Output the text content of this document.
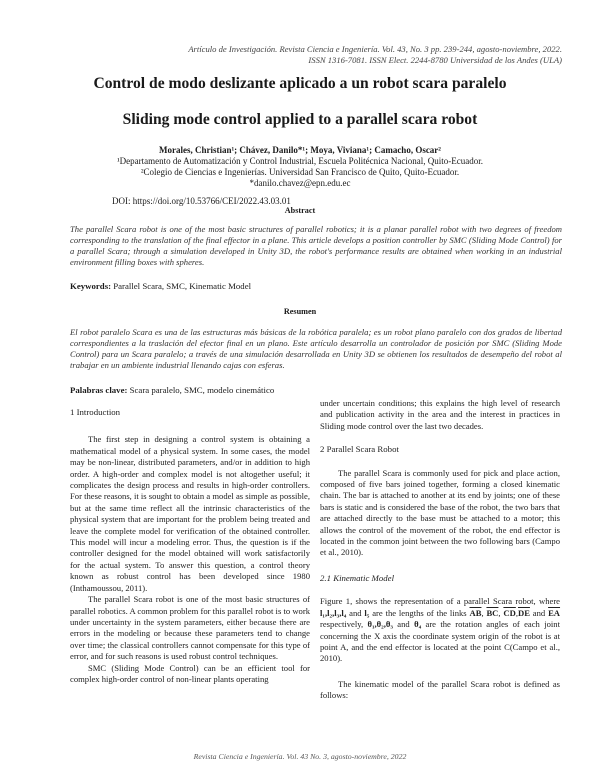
Artículo de Investigación. Revista Ciencia e Ingeniería. Vol. 43, No. 3 pp. 239-244, agosto-noviembre, 2022.
ISSN 1316-7081. ISSN Elect. 2244-8780 Universidad de los Andes (ULA)
Control de modo deslizante aplicado a un robot scara paralelo
Sliding mode control applied to a parallel scara robot
Morales, Christian¹; Chávez, Danilo*¹; Moya, Viviana¹; Camacho, Oscar²
¹Departamento de Automatización y Control Industrial, Escuela Politécnica Nacional, Quito-Ecuador.
²Colegio de Ciencias e Ingenierías. Universidad San Francisco de Quito, Quito-Ecuador.
*danilo.chavez@epn.edu.ec
DOI: https://doi.org/10.53766/CEI/2022.43.03.01
Abstract
The parallel Scara robot is one of the most basic structures of parallel robotics; it is a planar parallel robot with two degrees of freedom corresponding to the translation of the final effector in a plane. This article develops a position controller by SMC (Sliding Mode Control) for a parallel Scara; through a simulation developed in Unity 3D, the robot's performance results are obtained when working in an industrial environment filling boxes with spheres.
Keywords: Parallel Scara, SMC, Kinematic Model
Resumen
El robot paralelo Scara es una de las estructuras más básicas de la robótica paralela; es un robot plano paralelo con dos grados de libertad correspondientes a la traslación del efector final en un plano. Este artículo desarrolla un controlador de posición por SMC (Sliding Mode Control) para un Scara paralelo; a través de una simulación desarrollada en Unity 3D se obtienen los resultados de desempeño del robot al trabajar en un ambiente industrial llenando cajas con esferas.
Palabras clave: Scara paralelo, SMC, modelo cinemático
1 Introduction

The first step in designing a control system is obtaining a mathematical model of a physical system. In some cases, the model may be non-linear, distributed parameters, and/or in addition to high order. A high-order and complex model is not altogether useful; it complicates the design process and results in high-order controllers. For these reasons, it is sought to obtain a model as simple as possible, but at the same time reflect all the intrinsic characteristics of the physical system that are important for the problem being treated and leave the complete model for verification of the obtained controller. This model will incur a modeling error. Thus, the question is if the controller designed for the model obtained will work satisfactorily for the actual system. To answer this question, a control theory known as robust control has been developed since 1980 (Inthamoussou, 2011).

The parallel Scara robot is one of the most basic structures of parallel robotics. A common problem for this parallel robot is to work under uncertainty in the system parameters, either because there are errors in the modeling or because these parameters tend to change over time; the classical controllers cannot compensate for this type of error, and for such reasons is used robust control techniques.

SMC (Sliding Mode Control) can be an efficient tool for complex high-order control of non-linear plants operating

under uncertain conditions; this explains the high level of research and publication activity in the area and the interest in practices in Sliding mode control over the last two decades.

2 Parallel Scara Robot

The parallel Scara is commonly used for pick and place action, composed of five bars joined together, forming a closed kinematic chain. The bar is attached to another at its end by joints; one of these bars is static and is considered the base of the robot, the two bars that are attached directly to the base must be attached to a motor; this allows the control of the movement of the robot, the end effector is located in the common joint between the two following bars (Campo et al., 2010).

2.1 Kinematic Model

Figure 1, shows the representation of a parallel Scara robot, where l₁,l₂,l₃,l₄ and l₅ are the lengths of the links $\overline{AB}$, $\overline{BC}$, $\overline{CD},\overline{DE}$ and $\overline{EA}$ respectively, θ₁,θ₂,θ₃ and θ₄ are the rotation angles of each joint concerning the X axis the coordinate system origin of the robot is at point A, and the end effector is located at the point C(Campo et al., 2010).

The kinematic model of the parallel Scara robot is defined as follows:

Revista Ciencia e Ingeniería. Vol. 43 No. 3, agosto-noviembre, 2022
